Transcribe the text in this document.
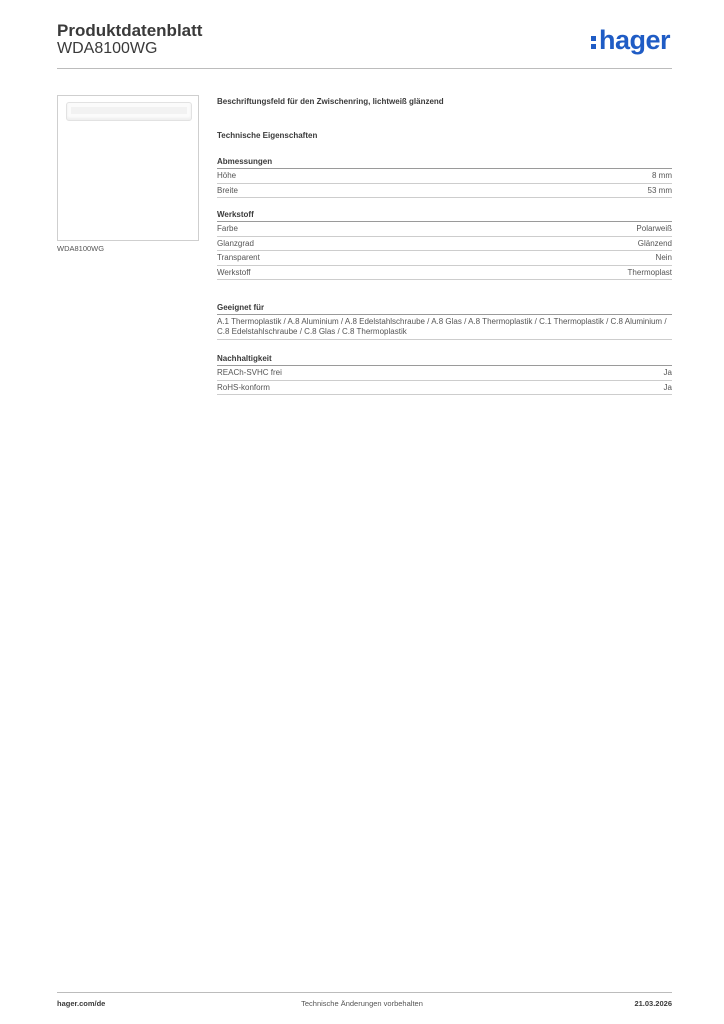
Produktdatenblatt
WDA8100WG	hager
WDA8100WG
Beschriftungsfeld für den Zwischenring, lichtweiß glänzend
Technische Eigenschaften
Abmessungen
Höhe	8 mm
Breite	53 mm
Werkstoff
Farbe	Polarweiß
Glanzgrad	Glänzend
Transparent	Nein
Werkstoff	Thermoplast
Geeignet für
A.1 Thermoplastik / A.8 Aluminium / A.8 Edelstahlschraube / A.8 Glas / A.8 Thermoplastik / C.1 Thermoplastik / C.8 Aluminium / C.8 Edelstahlschraube / C.8 Glas / C.8 Thermoplastik
Nachhaltigkeit
REACh-SVHC frei	Ja
RoHS-konform	Ja
hager.com/de	Technische Änderungen vorbehalten	21.03.2026
